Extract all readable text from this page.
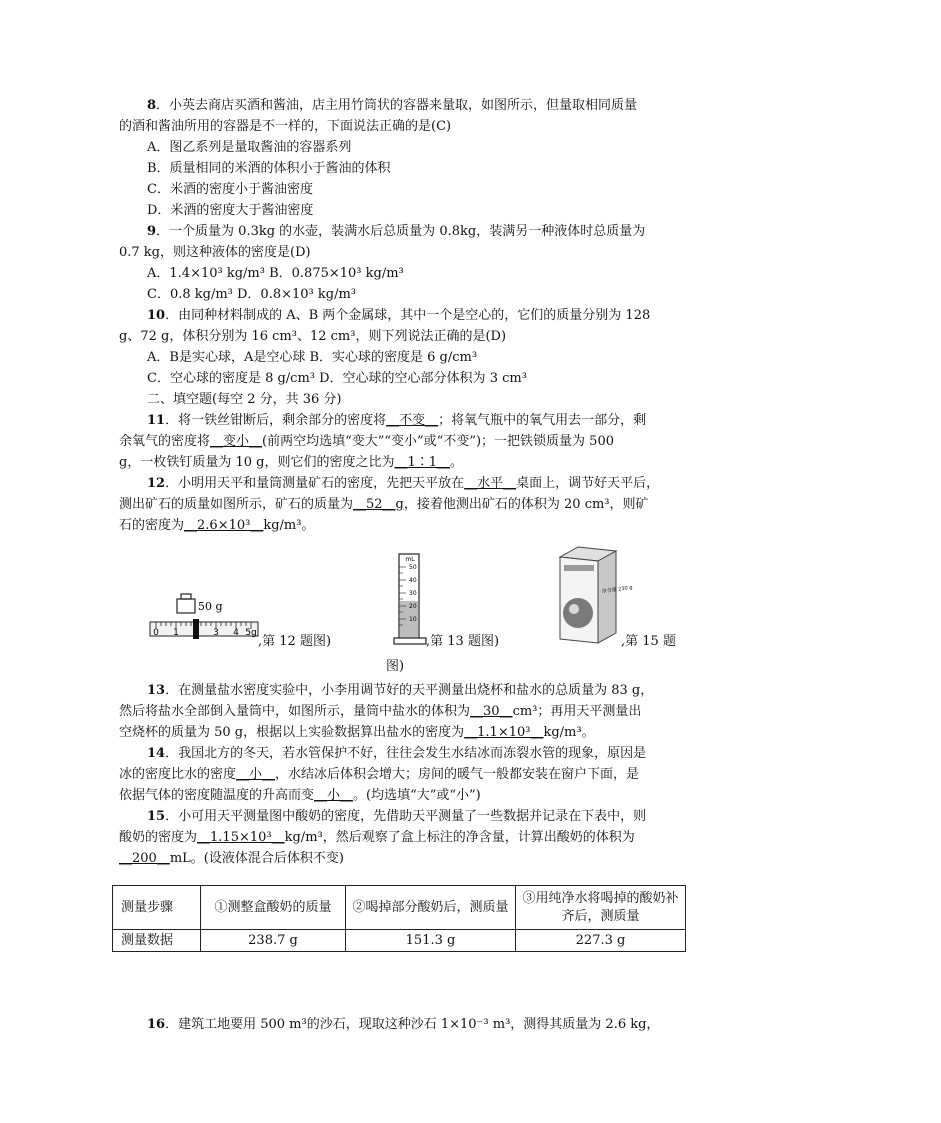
8．小英去商店买酒和酱油，店主用竹筒状的容器来量取，如图所示，但量取相同质量
的酒和酱油所用的容器是不一样的，下面说法正确的是(C)
A．图乙系列是量取酱油的容器系列
B．质量相同的米酒的体积小于酱油的体积
C．米酒的密度小于酱油密度
D．米酒的密度大于酱油密度
9．一个质量为 0.3kg 的水壶，装满水后总质量为 0.8kg，装满另一种液体时总质量为
0.7 kg，则这种液体的密度是(D)
A．1.4×10³ kg/m³ B．0.875×10³ kg/m³
C．0.8 kg/m³ D．0.8×10³ kg/m³
10．由同种材料制成的 A、B 两个金属球，其中一个是空心的，它们的质量分别为 128
g、72 g，体积分别为 16 cm³、12 cm³，则下列说法正确的是(D)
A．B是实心球，A是空心球 B．实心球的密度是 6 g/cm³
C．空心球的密度是 8 g/cm³ D．空心球的空心部分体积为 3 cm³
二、填空题(每空 2 分，共 36 分)
11．将一铁丝钳断后，剩余部分的密度将__不变__；将氧气瓶中的氧气用去一部分，剩
余氧气的密度将__变小__(前两空均选填“变大”“变小”或“不变”)；一把铁锁质量为 500
g，一枚铁钉质量为 10 g，则它们的密度之比为__1∶1__。
12．小明用天平和量筒测量矿石的密度，先把天平放在__水平__桌面上，调节好天平后，
测出矿石的质量如图所示，矿石的质量为__52__g，接着他测出矿石的体积为 20 cm³，则矿
石的密度为__2.6×10³__kg/m³。
50 g
0 1	3 4 5g
,第 12 题图)
mL
50
40
30
20
10
,第 13 题图)
净含量 230 g
,第 15 题
图)
13．在测量盐水密度实验中，小李用调节好的天平测量出烧杯和盐水的总质量为 83 g，
然后将盐水全部倒入量筒中，如图所示，量筒中盐水的体积为__30__cm³；再用天平测量出
空烧杯的质量为 50 g，根据以上实验数据算出盐水的密度为__1.1×10³__kg/m³。
14．我国北方的冬天，若水管保护不好，往往会发生水结冰而冻裂水管的现象，原因是
冰的密度比水的密度__小__，水结冰后体积会增大；房间的暖气一般都安装在窗户下面，是
依据气体的密度随温度的升高而变__小__。(均选填“大”或“小”)
15．小可用天平测量图中酸奶的密度，先借助天平测量了一些数据并记录在下表中，则
酸奶的密度为__1.15×10³__kg/m³，然后观察了盒上标注的净含量，计算出酸奶的体积为
__200__mL。(设液体混合后体积不变)
测量步骤	①测整盒酸奶的质量	②喝掉部分酸奶后，测质量	③用纯净水将喝掉的酸奶补齐后，测质量
测量数据	238.7 g	151.3 g	227.3 g
16．建筑工地要用 500 m³的沙石，现取这种沙石 1×10⁻³ m³，测得其质量为 2.6 kg，
